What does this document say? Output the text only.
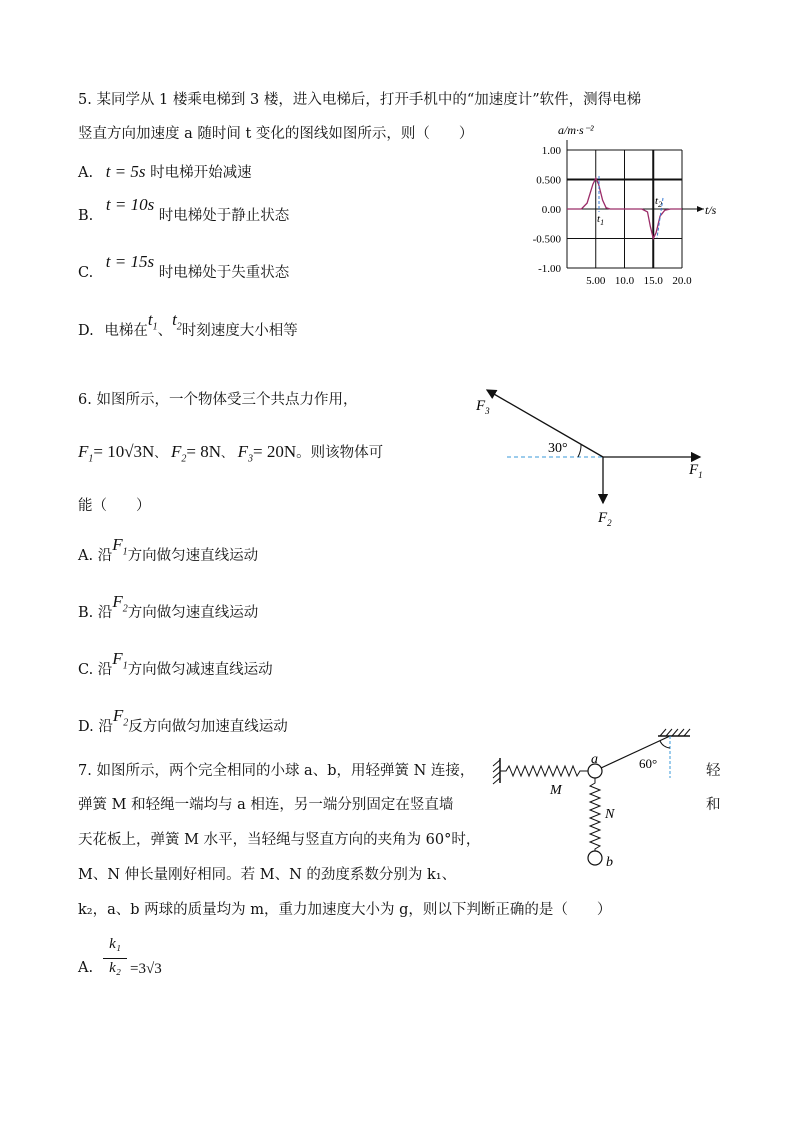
5. 某同学从 1 楼乘电梯到 3 楼，进入电梯后，打开手机中的“加速度计”软件，测得电梯
竖直方向加速度 a 随时间 t 变化的图线如图所示，则（　　）
A. t = 5s 时电梯开始减速
B. t = 10s 时电梯处于静止状态
C. t = 15s 时电梯处于失重状态
D. 电梯在$t_1$、$t_2$时刻速度大小相等
1.00
0.500
0.00
-0.500
-1.00
5.00 10.0 15.0 20.0
a/m·s⁻²
t/s
$t_1$
$t_2$
6. 如图所示，一个物体受三个共点力作用，
$F_1= 10√3N$、 $F_2= 8N$、 $F_3= 20N$。则该物体可
能（　　）
A. 沿$F_1$方向做匀速直线运动
B. 沿$F_2$方向做匀速直线运动
C. 沿$F_1$方向做匀减速直线运动
D. 沿$F_2$反方向做匀加速直线运动
30°
$F_1$
$F_2$
$F_3$
7. 如图所示，两个完全相同的小球 a、b，用轻弹簧 N 连接，	轻
弹簧 M 和轻绳一端均与 a 相连，另一端分别固定在竖直墙	和
天花板上，弹簧 M 水平，当轻绳与竖直方向的夹角为 60°时，
M、N 伸长量刚好相同。若 M、N 的劲度系数分别为 k₁、
k₂，a、b 两球的质量均为 m，重力加速度大小为 g，则以下判断正确的是（　　）
A.
k₁
k₂ =3√3
a
b
M
N
60°
